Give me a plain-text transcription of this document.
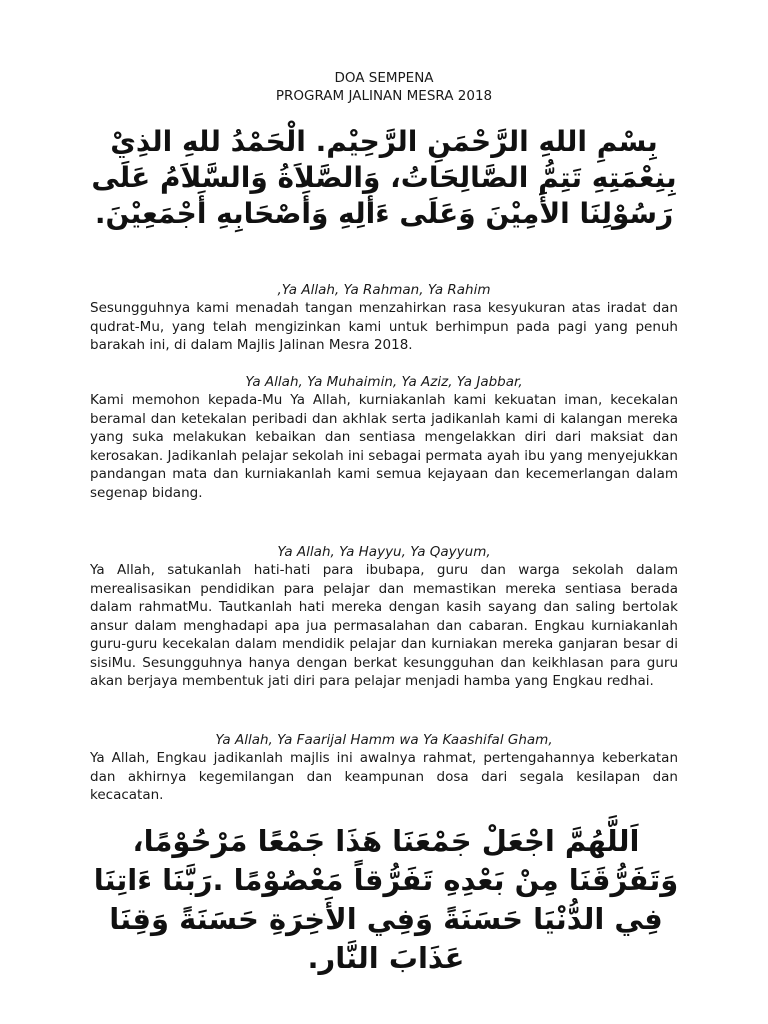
DOA SEMPENA
PROGRAM JALINAN MESRA 2018
بِسْمِ اللهِ الرَّحْمَنِ الرَّحِيْم. الْحَمْدُ للهِ الذِيْ بِنِعْمَتِهِ تَتِمُّ الصَّالِحَاتُ، وَالصَّلاَةُ وَالسَّلاَمُ عَلَى رَسُوْلِنَا الأَمِيْنَ وَعَلَى ءَألِهِ وَأَصْحَابِهِ أَجْمَعِيْنَ.
,Ya Allah, Ya Rahman, Ya Rahim

Sesungguhnya kami menadah tangan menzahirkan rasa kesyukuran atas iradat dan qudrat-Mu, yang telah mengizinkan kami untuk berhimpun pada pagi yang penuh barakah ini, di dalam Majlis Jalinan Mesra 2018.

Ya Allah, Ya Muhaimin, Ya Aziz, Ya Jabbar,

Kami memohon kepada-Mu Ya Allah, kurniakanlah kami kekuatan iman, kecekalan beramal dan ketekalan peribadi dan akhlak serta jadikanlah kami di kalangan mereka yang suka melakukan kebaikan dan sentiasa mengelakkan diri dari maksiat dan kerosakan. Jadikanlah pelajar sekolah ini sebagai permata ayah ibu yang menyejukkan pandangan mata dan kurniakanlah kami semua kejayaan dan kecemerlangan dalam segenap bidang.

Ya Allah, Ya Hayyu, Ya Qayyum,

Ya Allah, satukanlah hati-hati para ibubapa, guru dan warga sekolah dalam merealisasikan pendidikan para pelajar dan memastikan mereka sentiasa berada dalam rahmatMu. Tautkanlah hati mereka dengan kasih sayang dan saling bertolak ansur dalam menghadapi apa jua permasalahan dan cabaran. Engkau kurniakanlah guru-guru kecekalan dalam mendidik pelajar dan kurniakan mereka ganjaran besar di sisiMu. Sesungguhnya hanya dengan berkat kesungguhan dan keikhlasan para guru akan berjaya membentuk jati diri para pelajar menjadi hamba yang Engkau redhai.

Ya Allah, Ya Faarijal Hamm wa Ya Kaashifal Gham,

Ya Allah, Engkau jadikanlah majlis ini awalnya rahmat, pertengahannya keberkatan dan akhirnya kegemilangan dan keampunan dosa dari segala kesilapan dan kecacatan.

اَللَّهُمَّ اجْعَلْ جَمْعَنَا هَذَا جَمْعًا مَرْحُوْمًا، وَتَفَرُّقَنَا مِنْ بَعْدِهِ تَفَرُّقاً مَعْصُوْمًا .رَبَّنَا ءَاتِنَا فِي الدُّنْيَا حَسَنَةً وَفِي الأَخِرَةِ حَسَنَةً وَقِنَا عَذَابَ النَّار.
